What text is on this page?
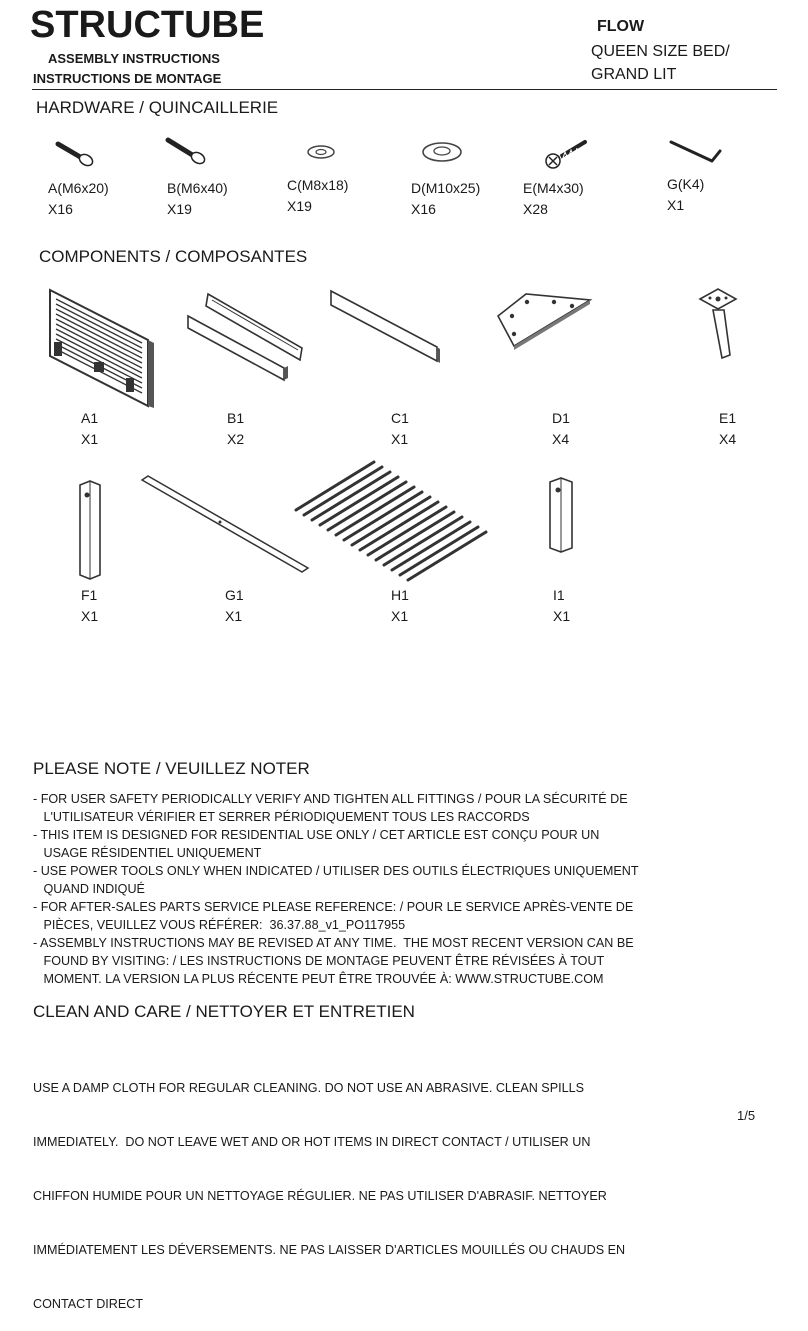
STRUCTUBE
ASSEMBLY INSTRUCTIONS
INSTRUCTIONS DE MONTAGE
FLOW
QUEEN SIZE BED/
GRAND LIT
HARDWARE / QUINCAILLERIE
A(M6x20)
X16
B(M6x40)
X19
C(M8x18)
X19
D(M10x25)
X16
E(M4x30)
X28
G(K4)
X1
COMPONENTS / COMPOSANTES
A1
X1
B1
X2
C1
X1
D1
X4
E1
X4
F1
X1
G1
X1
H1
X1
I1
X1
PLEASE NOTE / VEUILLEZ NOTER
- FOR USER SAFETY PERIODICALLY VERIFY AND TIGHTEN ALL FITTINGS / POUR LA SÉCURITÉ DE
L'UTILISATEUR VÉRIFIER ET SERRER PÉRIODIQUEMENT TOUS LES RACCORDS
- THIS ITEM IS DESIGNED FOR RESIDENTIAL USE ONLY / CET ARTICLE EST CONÇU POUR UN
USAGE RÉSIDENTIEL UNIQUEMENT
- USE POWER TOOLS ONLY WHEN INDICATED / UTILISER DES OUTILS ÉLECTRIQUES UNIQUEMENT
QUAND INDIQUÉ
- FOR AFTER-SALES PARTS SERVICE PLEASE REFERENCE: / POUR LE SERVICE APRÈS-VENTE DE
PIÈCES, VEUILLEZ VOUS RÉFÉRER:  36.37.88_v1_PO117955
- ASSEMBLY INSTRUCTIONS MAY BE REVISED AT ANY TIME.  THE MOST RECENT VERSION CAN BE
FOUND BY VISITING: / LES INSTRUCTIONS DE MONTAGE PEUVENT ÊTRE RÉVISÉES À TOUT
MOMENT. LA VERSION LA PLUS RÉCENTE PEUT ÊTRE TROUVÉE À: WWW.STRUCTUBE.COM
CLEAN AND CARE / NETTOYER ET ENTRETIEN

USE A DAMP CLOTH FOR REGULAR CLEANING. DO NOT USE AN ABRASIVE. CLEAN SPILLS

IMMEDIATELY.  DO NOT LEAVE WET AND OR HOT ITEMS IN DIRECT CONTACT / UTILISER UN

CHIFFON HUMIDE POUR UN NETTOYAGE RÉGULIER. NE PAS UTILISER D'ABRASIF. NETTOYER

IMMÉDIATEMENT LES DÉVERSEMENTS. NE PAS LAISSER D'ARTICLES MOUILLÉS OU CHAUDS EN

CONTACT DIRECT

1/5
